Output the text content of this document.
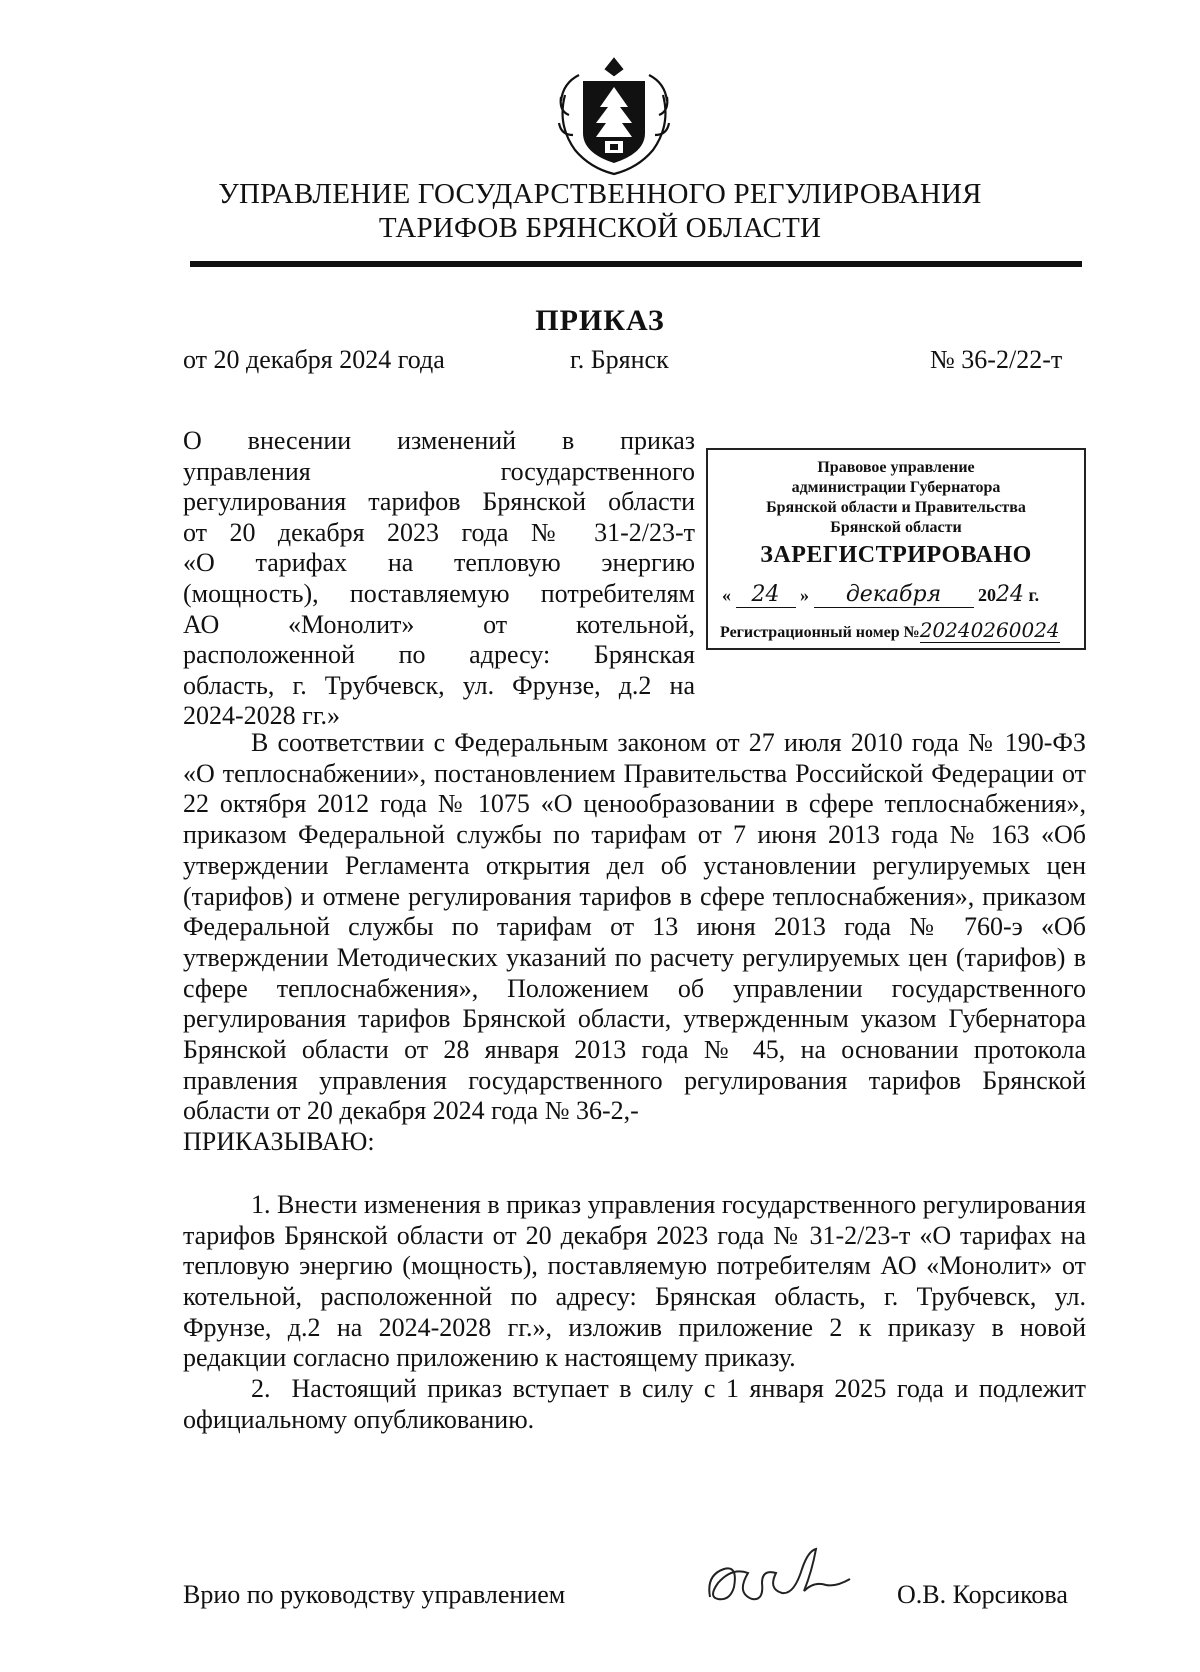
УПРАВЛЕНИЕ ГОСУДАРСТВЕННОГО РЕГУЛИРОВАНИЯ
ТАРИФОВ БРЯНСКОЙ ОБЛАСТИ
ПРИКАЗ
от 20 декабря 2024 года	г. Брянск	№ 36-2/22-т
О внесении изменений в приказ
управления государственного
регулирования тарифов Брянской области
от 20 декабря 2023 года № 31-2/23-т
«О тарифах на тепловую энергию
(мощность), поставляемую потребителям
АО «Монолит» от котельной,
расположенной по адресу: Брянская
область, г. Трубчевск, ул. Фрунзе, д.2 на
2024-2028 гг.»
Правовое управление
администрации Губернатора
Брянской области и Правительства
Брянской области
ЗАРЕГИСТРИРОВАНО
« 24 » декабря 2024 г.
Регистрационный номер №20240260024

В соответствии с Федеральным законом от 27 июля 2010 года № 190-ФЗ «О теплоснабжении», постановлением Правительства Российской Федерации от 22 октября 2012 года № 1075 «О ценообразовании в сфере теплоснабжения», приказом Федеральной службы по тарифам от 7 июня 2013 года № 163 «Об утверждении Регламента открытия дел об установлении регулируемых цен (тарифов) и отмене регулирования тарифов в сфере теплоснабжения», приказом Федеральной службы по тарифам от 13 июня 2013 года № 760-э «Об утверждении Методических указаний по расчету регулируемых цен (тарифов) в сфере теплоснабжения», Положением об управлении государственного регулирования тарифов Брянской области, утвержденным указом Губернатора Брянской области от 28 января 2013 года № 45, на основании протокола правления управления государственного регулирования тарифов Брянской области от 20 декабря 2024 года № 36-2,-

ПРИКАЗЫВАЮ:

1. Внести изменения в приказ управления государственного регулирования тарифов Брянской области от 20 декабря 2023 года № 31-2/23-т «О тарифах на тепловую энергию (мощность), поставляемую потребителям АО «Монолит» от котельной, расположенной по адресу: Брянская область, г. Трубчевск, ул. Фрунзе, д.2 на 2024-2028 гг.», изложив приложение 2 к приказу в новой редакции согласно приложению к настоящему приказу.

2.  Настоящий приказ вступает в силу с 1 января 2025 года и подлежит официальному опубликованию.

Врио по руководству управлением	О.В. Корсикова
